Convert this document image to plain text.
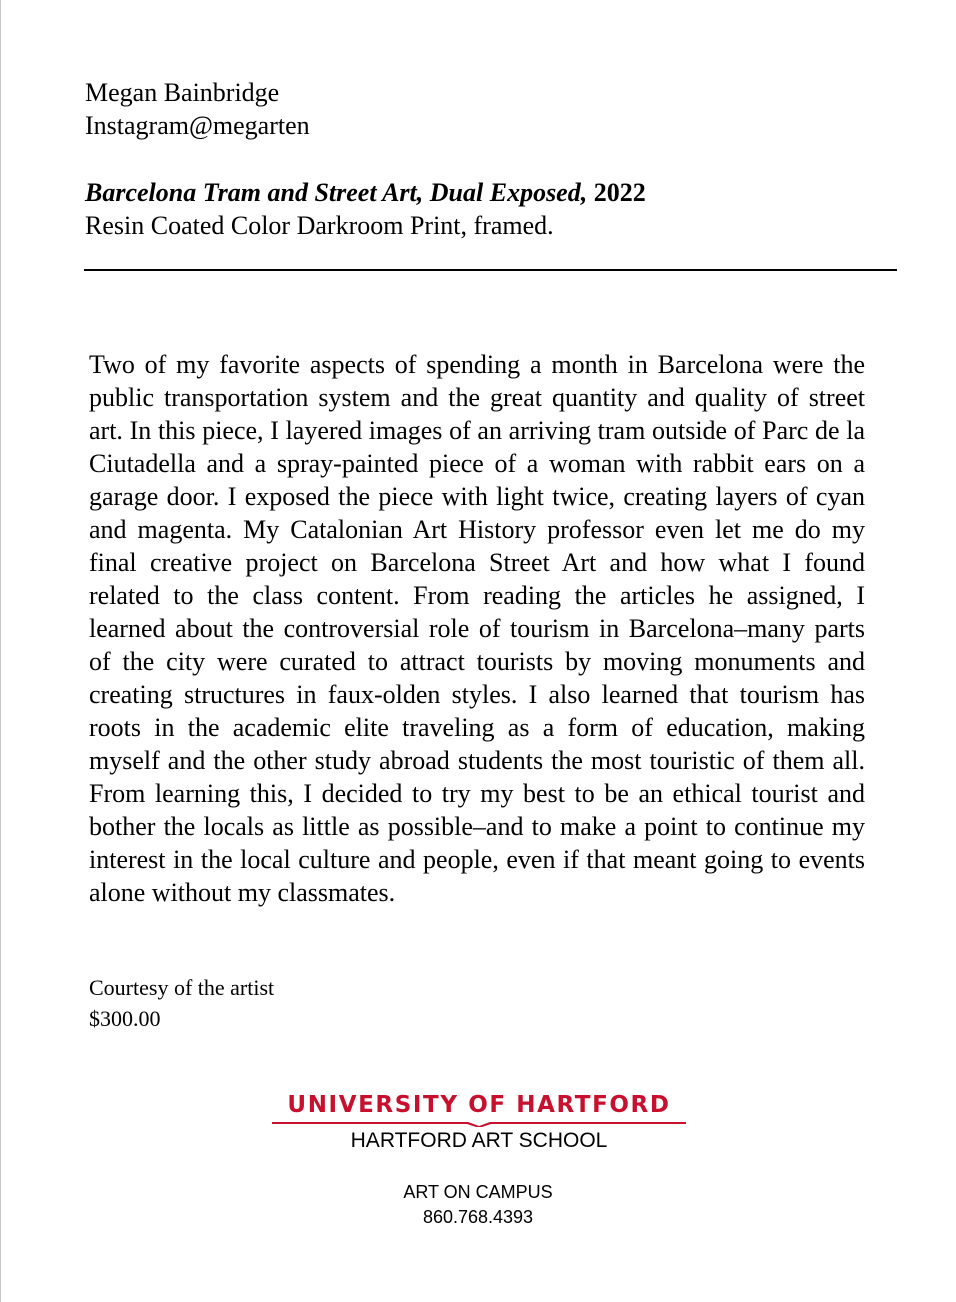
Megan Bainbridge
Instagram@megarten
Barcelona Tram and Street Art, Dual Exposed, 2022
Resin Coated Color Darkroom Print, framed.

Two of my favorite aspects of spending a month in Barcelona were the public transportation system and the great quantity and quality of street art. In this piece, I layered images of an arriving tram outside of Parc de la Ciutadella and a spray-painted piece of a woman with rabbit ears on a garage door. I exposed the piece with light twice, creating layers of cyan and magenta. My Catalonian Art History professor even let me do my final creative project on Barcelona Street Art and how what I found related to the class content. From reading the articles he assigned, I learned about the controversial role of tourism in Barcelona–many parts of the city were curated to attract tourists by moving monuments and creating structures in faux-olden styles. I also learned that tourism has roots in the academic elite traveling as a form of education, making myself and the other study abroad students the most touristic of them all. From learning this, I decided to try my best to be an ethical tourist and bother the locals as little as possible–and to make a point to continue my interest in the local culture and people, even if that meant going to events alone without my classmates.

Courtesy of the artist
$300.00
UNIVERSITY OF HARTFORD
HARTFORD ART SCHOOL
ART ON CAMPUS
860.768.4393
